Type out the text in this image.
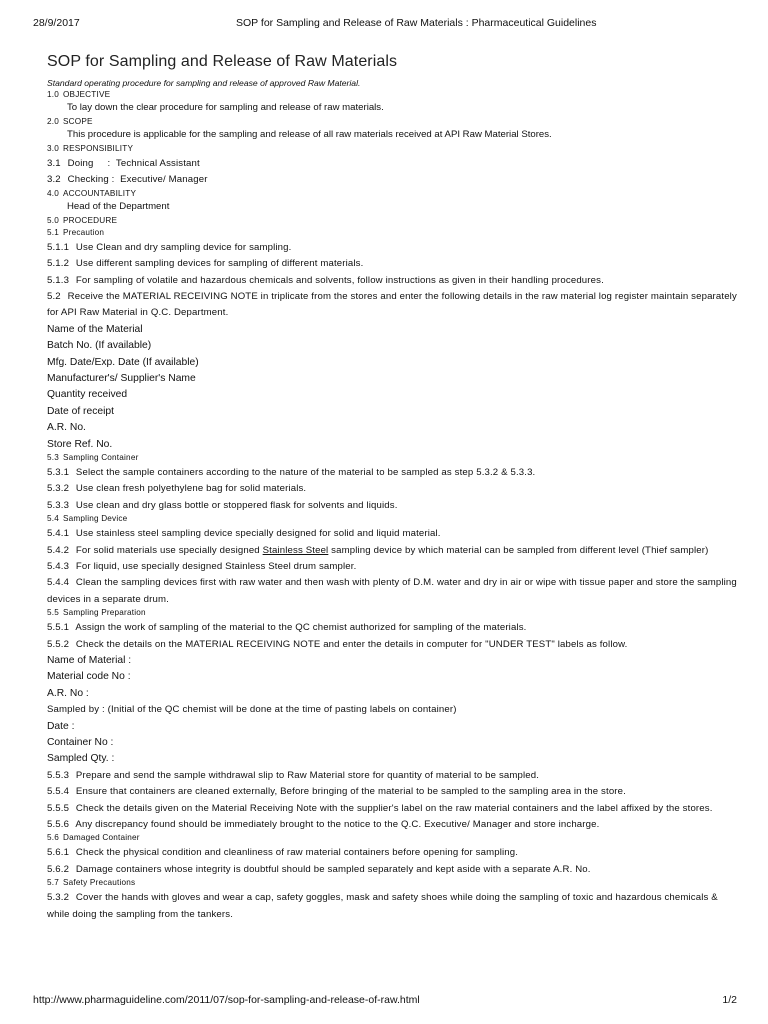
28/9/2017	SOP for Sampling and Release of Raw Materials : Pharmaceutical Guidelines
SOP for Sampling and Release of Raw Materials
Standard operating procedure for sampling and release of approved Raw Material.
1.0 OBJECTIVE
To lay down the clear procedure for sampling and release of raw materials.
2.0 SCOPE
This procedure is applicable for the sampling and release of all raw materials received at API Raw Material Stores.
3.0 RESPONSIBILITY
3.1 Doing : Technical Assistant
3.2 Checking : Executive/ Manager
4.0 ACCOUNTABILITY
Head of the Department
5.0 PROCEDURE
5.1 Precaution
5.1.1 Use Clean and dry sampling device for sampling.
5.1.2 Use different sampling devices for sampling of different materials.
5.1.3 For sampling of volatile and hazardous chemicals and solvents, follow instructions as given in their handling procedures.
5.2 Receive the MATERIAL RECEIVING NOTE in triplicate from the stores and enter the following details in the raw material log register maintain separately for API Raw Material in Q.C. Department.
Name of the Material
Batch No. (If available)
Mfg. Date/Exp. Date (If available)
Manufacturer's/ Supplier's Name
Quantity received
Date of receipt
A.R. No.
Store Ref. No.
5.3 Sampling Container
5.3.1 Select the sample containers according to the nature of the material to be sampled as step 5.3.2 & 5.3.3.
5.3.2 Use clean fresh polyethylene bag for solid materials.
5.3.3 Use clean and dry glass bottle or stoppered flask for solvents and liquids.
5.4 Sampling Device
5.4.1 Use stainless steel sampling device specially designed for solid and liquid material.
5.4.2 For solid materials use specially designed Stainless Steel sampling device by which material can be sampled from different level (Thief sampler)
5.4.3 For liquid, use specially designed Stainless Steel drum sampler.
5.4.4 Clean the sampling devices first with raw water and then wash with plenty of D.M. water and dry in air or wipe with tissue paper and store the sampling devices in a separate drum.
5.5 Sampling Preparation
5.5.1 Assign the work of sampling of the material to the QC chemist authorized for sampling of the materials.
5.5.2 Check the details on the MATERIAL RECEIVING NOTE and enter the details in computer for "UNDER TEST" labels as follow.
Name of Material :
Material code No :
A.R. No :
Sampled by : (Initial of the QC chemist will be done at the time of pasting labels on container)
Date :
Container No :
Sampled Qty. :
5.5.3 Prepare and send the sample withdrawal slip to Raw Material store for quantity of material to be sampled.
5.5.4 Ensure that containers are cleaned externally, Before bringing of the material to be sampled to the sampling area in the store.
5.5.5 Check the details given on the Material Receiving Note with the supplier's label on the raw material containers and the label affixed by the stores.
5.5.6 Any discrepancy found should be immediately brought to the notice to the Q.C. Executive/ Manager and store incharge.
5.6 Damaged Container
5.6.1 Check the physical condition and cleanliness of raw material containers before opening for sampling.
5.6.2 Damage containers whose integrity is doubtful should be sampled separately and kept aside with a separate A.R. No.
5.7 Safety Precautions
5.3.2 Cover the hands with gloves and wear a cap, safety goggles, mask and safety shoes while doing the sampling of toxic and hazardous chemicals & while doing the sampling from the tankers.
http://www.pharmaguideline.com/2011/07/sop-for-sampling-and-release-of-raw.html	1/2
